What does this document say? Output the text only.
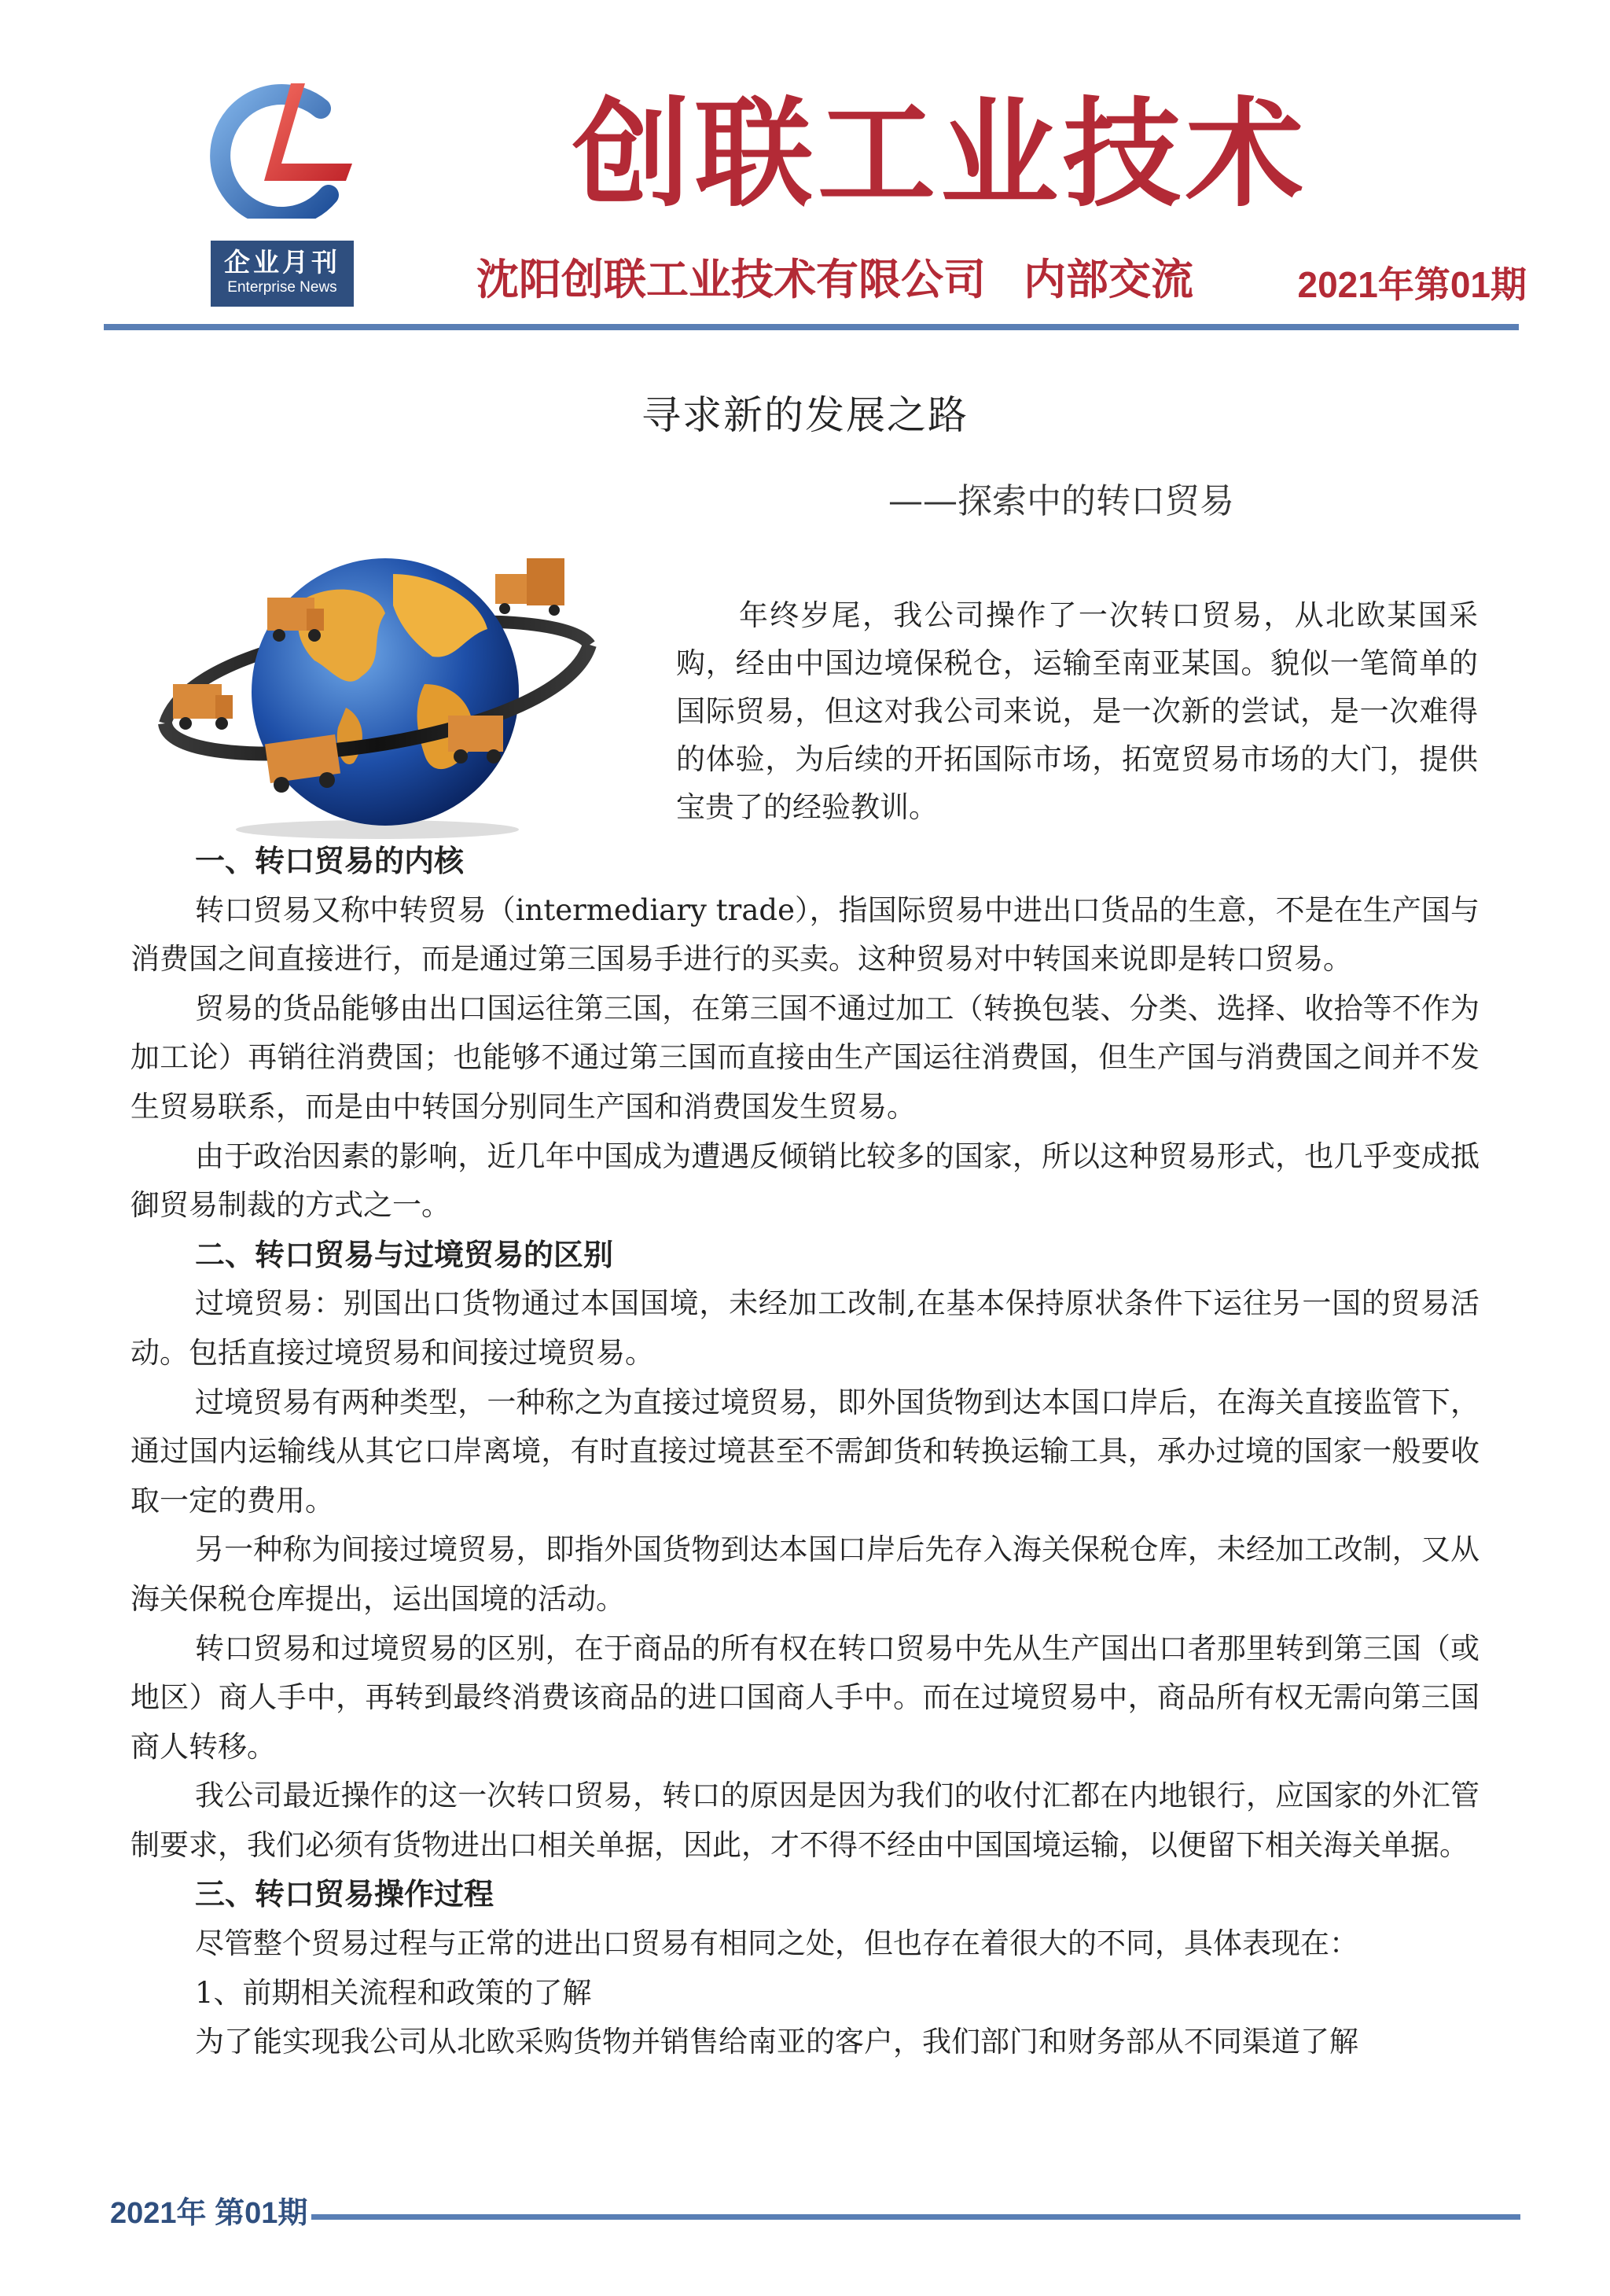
企业月刊
Enterprise News
创联工业技术
沈阳创联工业技术有限公司 内部交流	2021年第01期
寻求新的发展之路
——探索中的转口贸易

年终岁尾，我公司操作了一次转口贸易，从北欧某国采购，经由中国边境保税仓，运输至南亚某国。貌似一笔简单的国际贸易，但这对我公司来说，是一次新的尝试，是一次难得的体验，为后续的开拓国际市场，拓宽贸易市场的大门，提供宝贵了的经验教训。

一、转口贸易的内核

转口贸易又称中转贸易（intermediary trade），指国际贸易中进出口货品的生意，不是在生产国与消费国之间直接进行，而是通过第三国易手进行的买卖。这种贸易对中转国来说即是转口贸易。

贸易的货品能够由出口国运往第三国，在第三国不通过加工（转换包装、分类、选择、收拾等不作为加工论）再销往消费国；也能够不通过第三国而直接由生产国运往消费国，但生产国与消费国之间并不发生贸易联系，而是由中转国分别同生产国和消费国发生贸易。

由于政治因素的影响，近几年中国成为遭遇反倾销比较多的国家，所以这种贸易形式，也几乎变成抵御贸易制裁的方式之一。

二、转口贸易与过境贸易的区别

过境贸易：别国出口货物通过本国国境，未经加工改制,在基本保持原状条件下运往另一国的贸易活动。包括直接过境贸易和间接过境贸易。

过境贸易有两种类型，一种称之为直接过境贸易，即外国货物到达本国口岸后，在海关直接监管下，通过国内运输线从其它口岸离境，有时直接过境甚至不需卸货和转换运输工具，承办过境的国家一般要收取一定的费用。

另一种称为间接过境贸易，即指外国货物到达本国口岸后先存入海关保税仓库，未经加工改制，又从海关保税仓库提出，运出国境的活动。

转口贸易和过境贸易的区别，在于商品的所有权在转口贸易中先从生产国出口者那里转到第三国（或地区）商人手中，再转到最终消费该商品的进口国商人手中。而在过境贸易中，商品所有权无需向第三国商人转移。

我公司最近操作的这一次转口贸易，转口的原因是因为我们的收付汇都在内地银行，应国家的外汇管制要求，我们必须有货物进出口相关单据，因此，才不得不经由中国国境运输，以便留下相关海关单据。

三、转口贸易操作过程

尽管整个贸易过程与正常的进出口贸易有相同之处，但也存在着很大的不同，具体表现在：

1、前期相关流程和政策的了解

为了能实现我公司从北欧采购货物并销售给南亚的客户，我们部门和财务部从不同渠道了解

2021年 第01期
